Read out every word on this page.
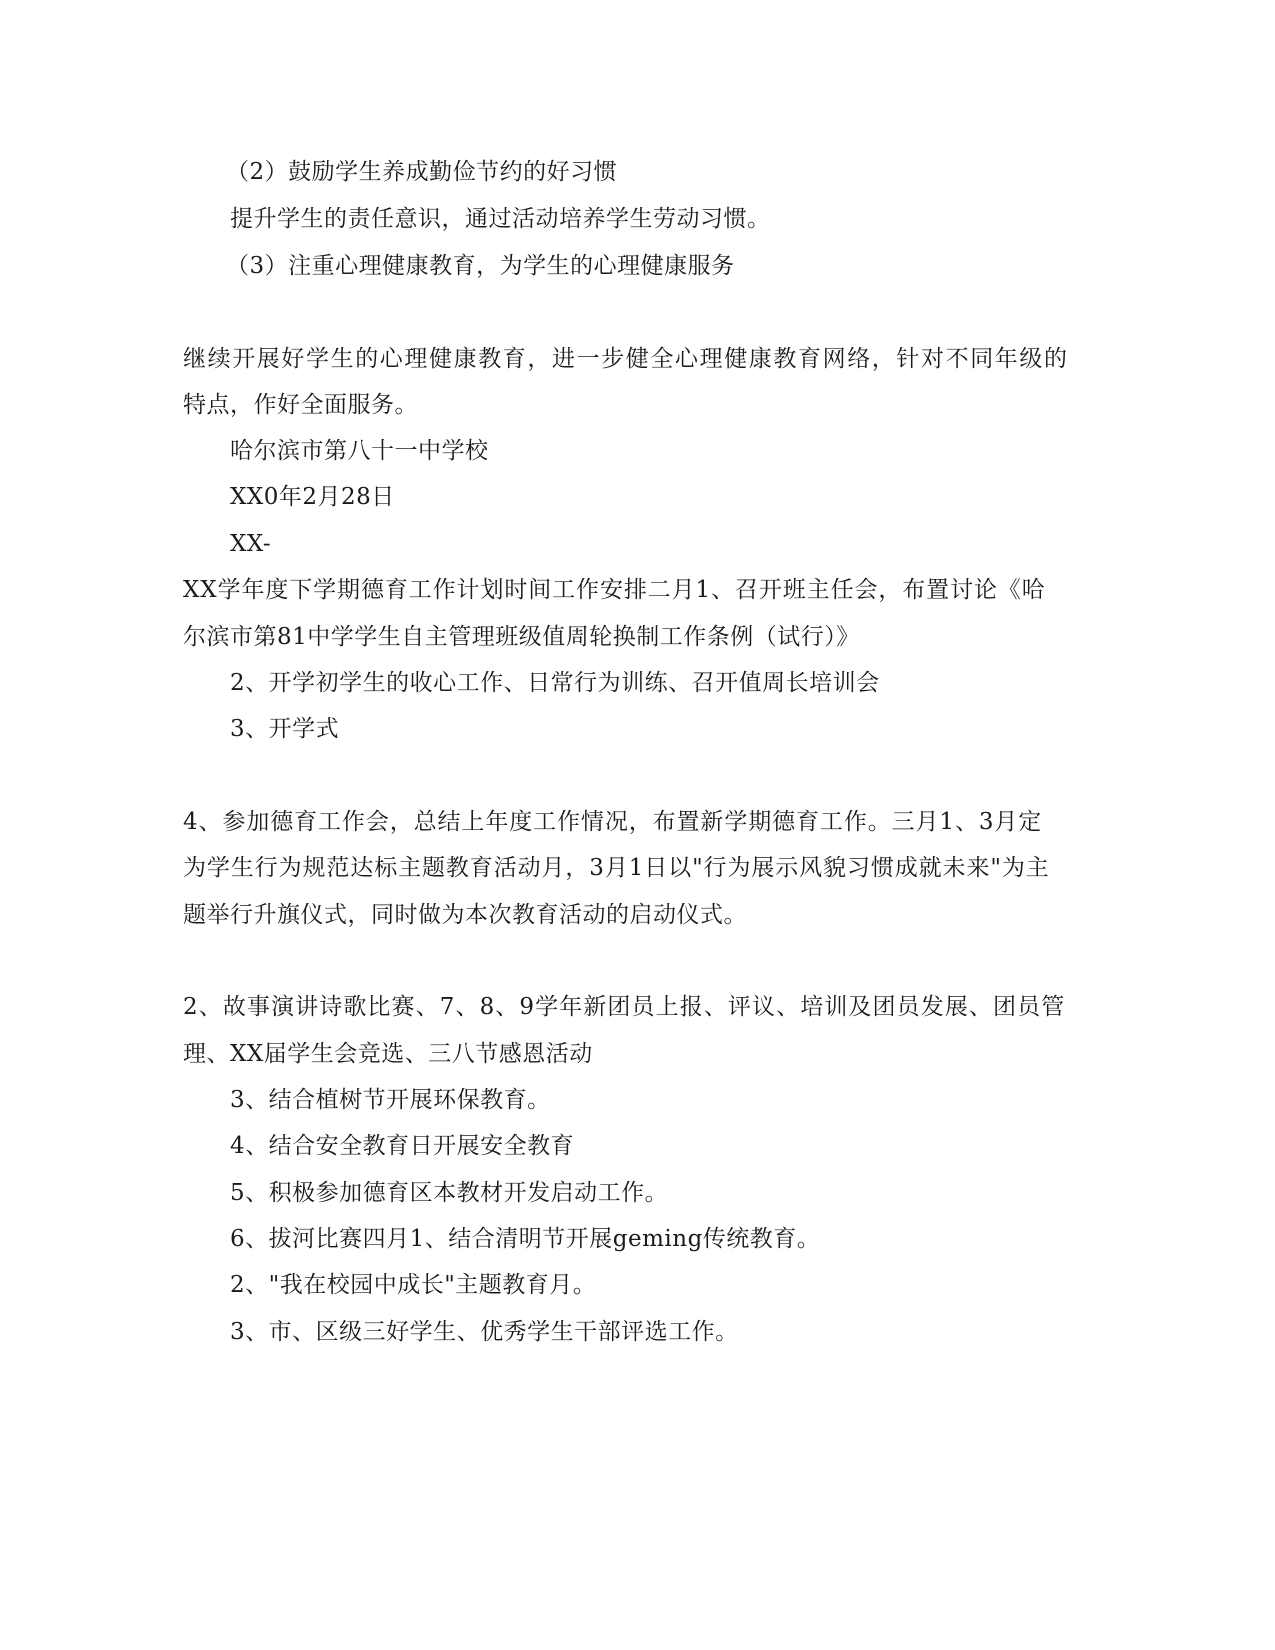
（2）鼓励学生养成勤俭节约的好习惯
提升学生的责任意识，通过活动培养学生劳动习惯。
（3）注重心理健康教育，为学生的心理健康服务
继续开展好学生的心理健康教育，进一步健全心理健康教育网络，针对不同年级的
特点，作好全面服务。
哈尔滨市第八十一中学校
XX0年2月28日
XX-
XX学年度下学期德育工作计划时间工作安排二月1、召开班主任会，布置讨论《哈
尔滨市第81中学学生自主管理班级值周轮换制工作条例（试行）》
2、开学初学生的收心工作、日常行为训练、召开值周长培训会
3、开学式
4、参加德育工作会，总结上年度工作情况，布置新学期德育工作。三月1、3月定
为学生行为规范达标主题教育活动月，3月1日以"行为展示风貌习惯成就未来"为主
题举行升旗仪式，同时做为本次教育活动的启动仪式。
2、故事演讲诗歌比赛、7、8、9学年新团员上报、评议、培训及团员发展、团员管
理、XX届学生会竞选、三八节感恩活动
3、结合植树节开展环保教育。
4、结合安全教育日开展安全教育
5、积极参加德育区本教材开发启动工作。
6、拔河比赛四月1、结合清明节开展geming传统教育。
2、"我在校园中成长"主题教育月。
3、市、区级三好学生、优秀学生干部评选工作。
